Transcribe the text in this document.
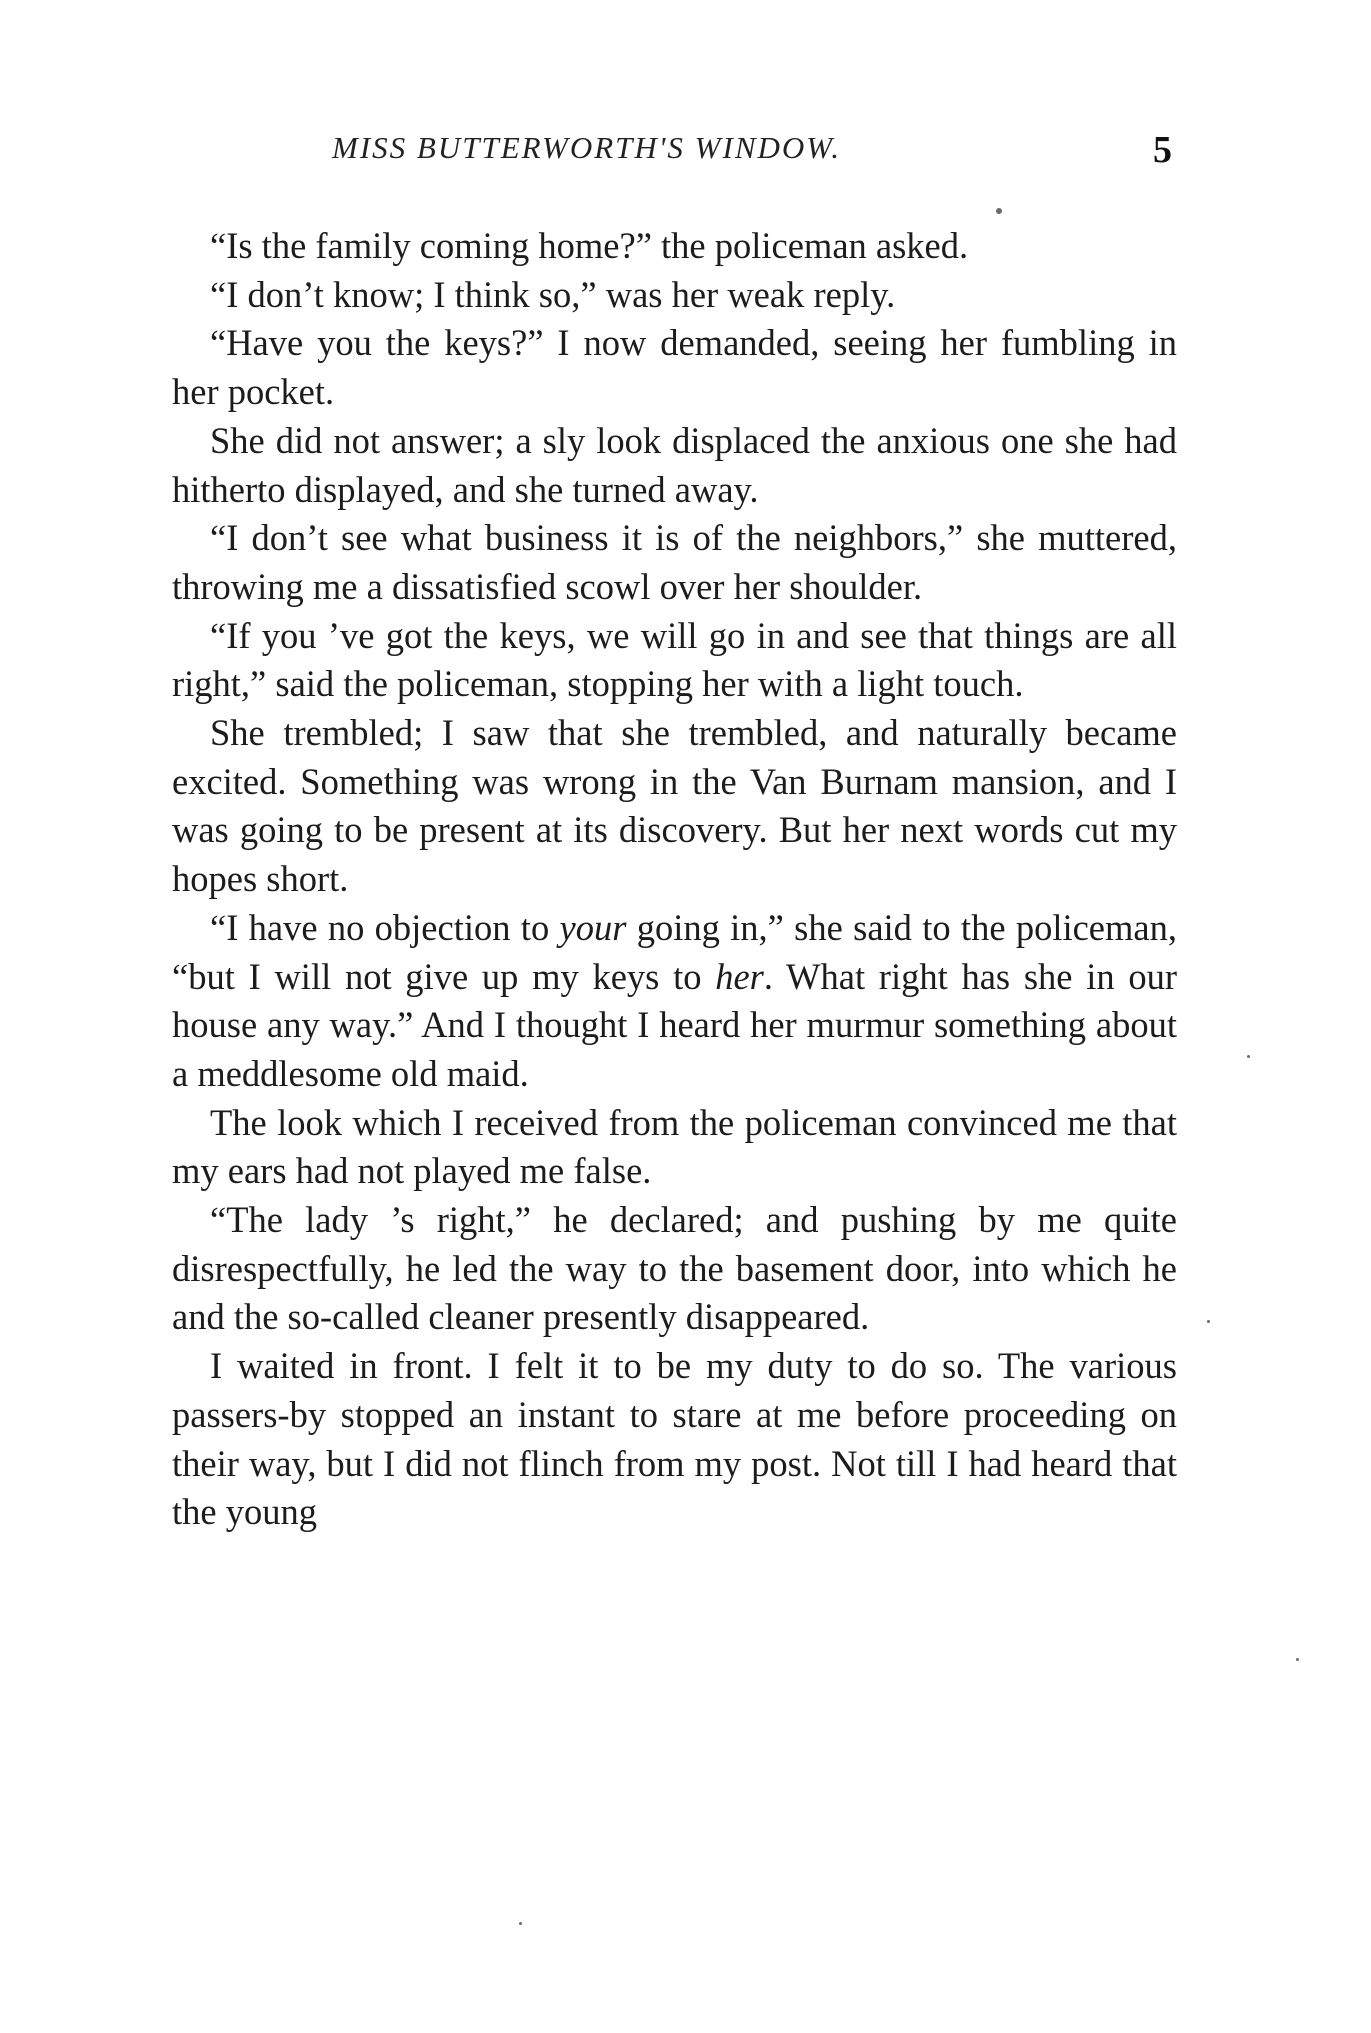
MISS BUTTERWORTH'S WINDOW.	5

“Is the family coming home?” the policeman asked.

“I don’t know; I think so,” was her weak reply.

“Have you the keys?” I now demanded, seeing her fumbling in her pocket.

She did not answer; a sly look displaced the anxious one she had hitherto displayed, and she turned away.

“I don’t see what business it is of the neighbors,” she muttered, throwing me a dissatisfied scowl over her shoulder.

“If you ’ve got the keys, we will go in and see that things are all right,” said the policeman, stopping her with a light touch.

She trembled; I saw that she trembled, and naturally became excited. Something was wrong in the Van Burnam mansion, and I was going to be present at its discovery. But her next words cut my hopes short.

“I have no objection to your going in,” she said to the policeman, “but I will not give up my keys to her. What right has she in our house any way.” And I thought I heard her murmur something about a meddlesome old maid.

The look which I received from the policeman convinced me that my ears had not played me false.

“The lady ’s right,” he declared; and pushing by me quite disrespectfully, he led the way to the basement door, into which he and the so-called cleaner presently disappeared.

I waited in front. I felt it to be my duty to do so. The various passers-by stopped an instant to stare at me before proceeding on their way, but I did not flinch from my post. Not till I had heard that the young
